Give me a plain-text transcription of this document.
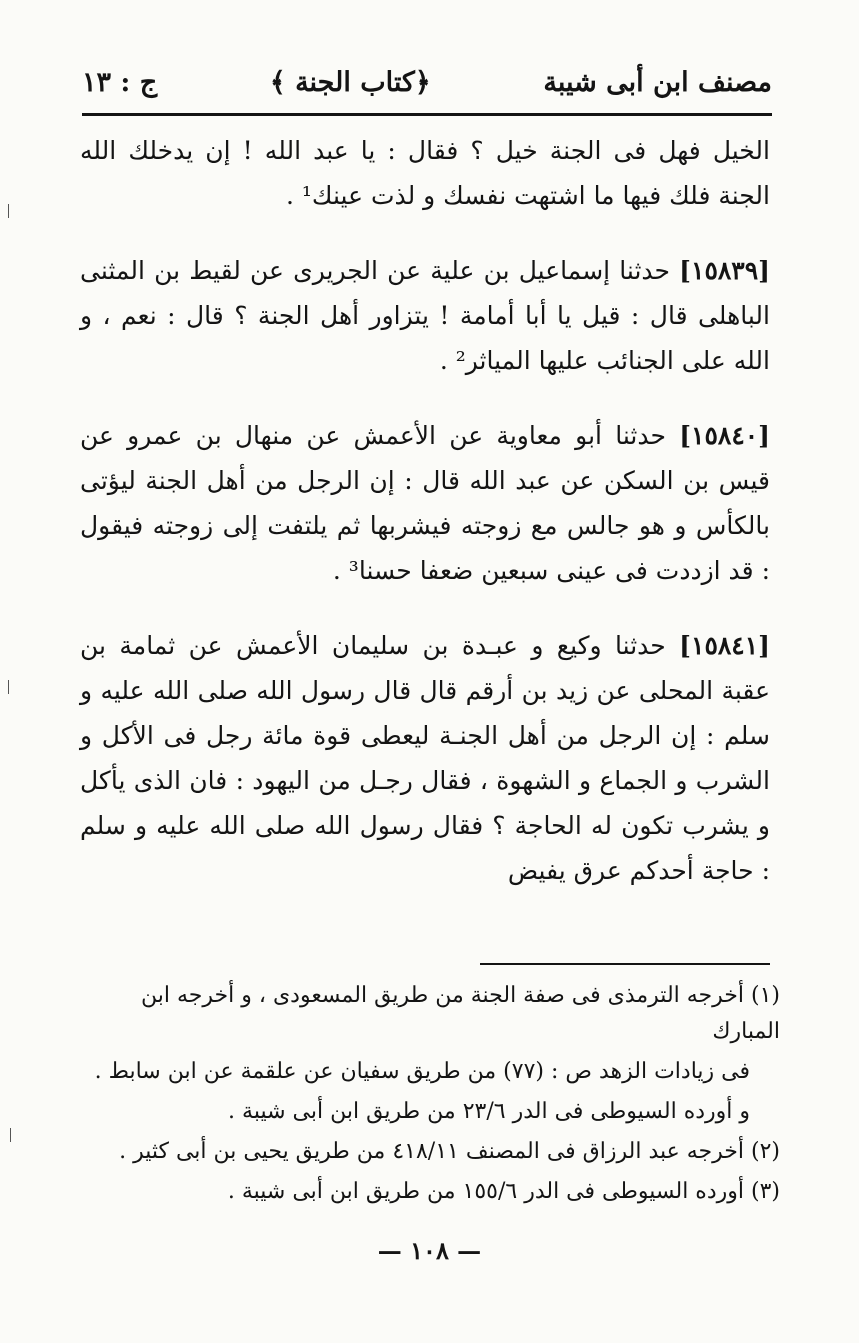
مصنف ابن أبى شيبة
﴿كتاب الجنة ﴾
ج : ١٣

الخيل فهل فى الجنة خيل ؟ فقال : يا عبد الله ! إن يدخلك الله الجنة فلك فيها ما اشتهت نفسك و لذت عينك¹ .

[١٥٨٣٩] حدثنا إسماعيل بن علية عن الجريرى عن لقيط بن المثنى الباهلى قال : قيل يا أبا أمامة ! يتزاور أهل الجنة ؟ قال : نعم ، و الله على الجنائب عليها المياثر² .

[١٥٨٤٠] حدثنا أبو معاوية عن الأعمش عن منهال بن عمرو عن قيس بن السكن عن عبد الله قال : إن الرجل من أهل الجنة ليؤتى بالكأس و هو جالس مع زوجته فيشربها ثم يلتفت إلى زوجته فيقول : قد ازددت فى عينى سبعين ضعفا حسنا³ .

[١٥٨٤١] حدثنا وكيع و عبـدة بن سليمان الأعمش عن ثمامة بن عقبة المحلى عن زيد بن أرقم قال قال رسول الله صلى الله عليه و سلم : إن الرجل من أهل الجنـة ليعطى قوة مائة رجل فى الأكل و الشرب و الجماع و الشهوة ، فقال رجـل من اليهود : فان الذى يأكل و يشرب تكون له الحاجة ؟ فقال رسول الله صلى الله عليه و سلم : حاجة أحدكم عرق يفيض

(١) أخرجه الترمذى فى صفة الجنة من طريق المسعودى ، و أخرجه ابن المبارك
فى زيادات الزهد ص : (٧٧) من طريق سفيان عن علقمة عن ابن سابط .
و أورده السيوطى فى الدر ٢٣/٦ من طريق ابن أبى شيبة .
(٢) أخرجه عبد الرزاق فى المصنف ٤١٨/١١ من طريق يحيى بن أبى كثير .
(٣) أورده السيوطى فى الدر ١٥٥/٦ من طريق ابن أبى شيبة .
— ١٠٨ —
